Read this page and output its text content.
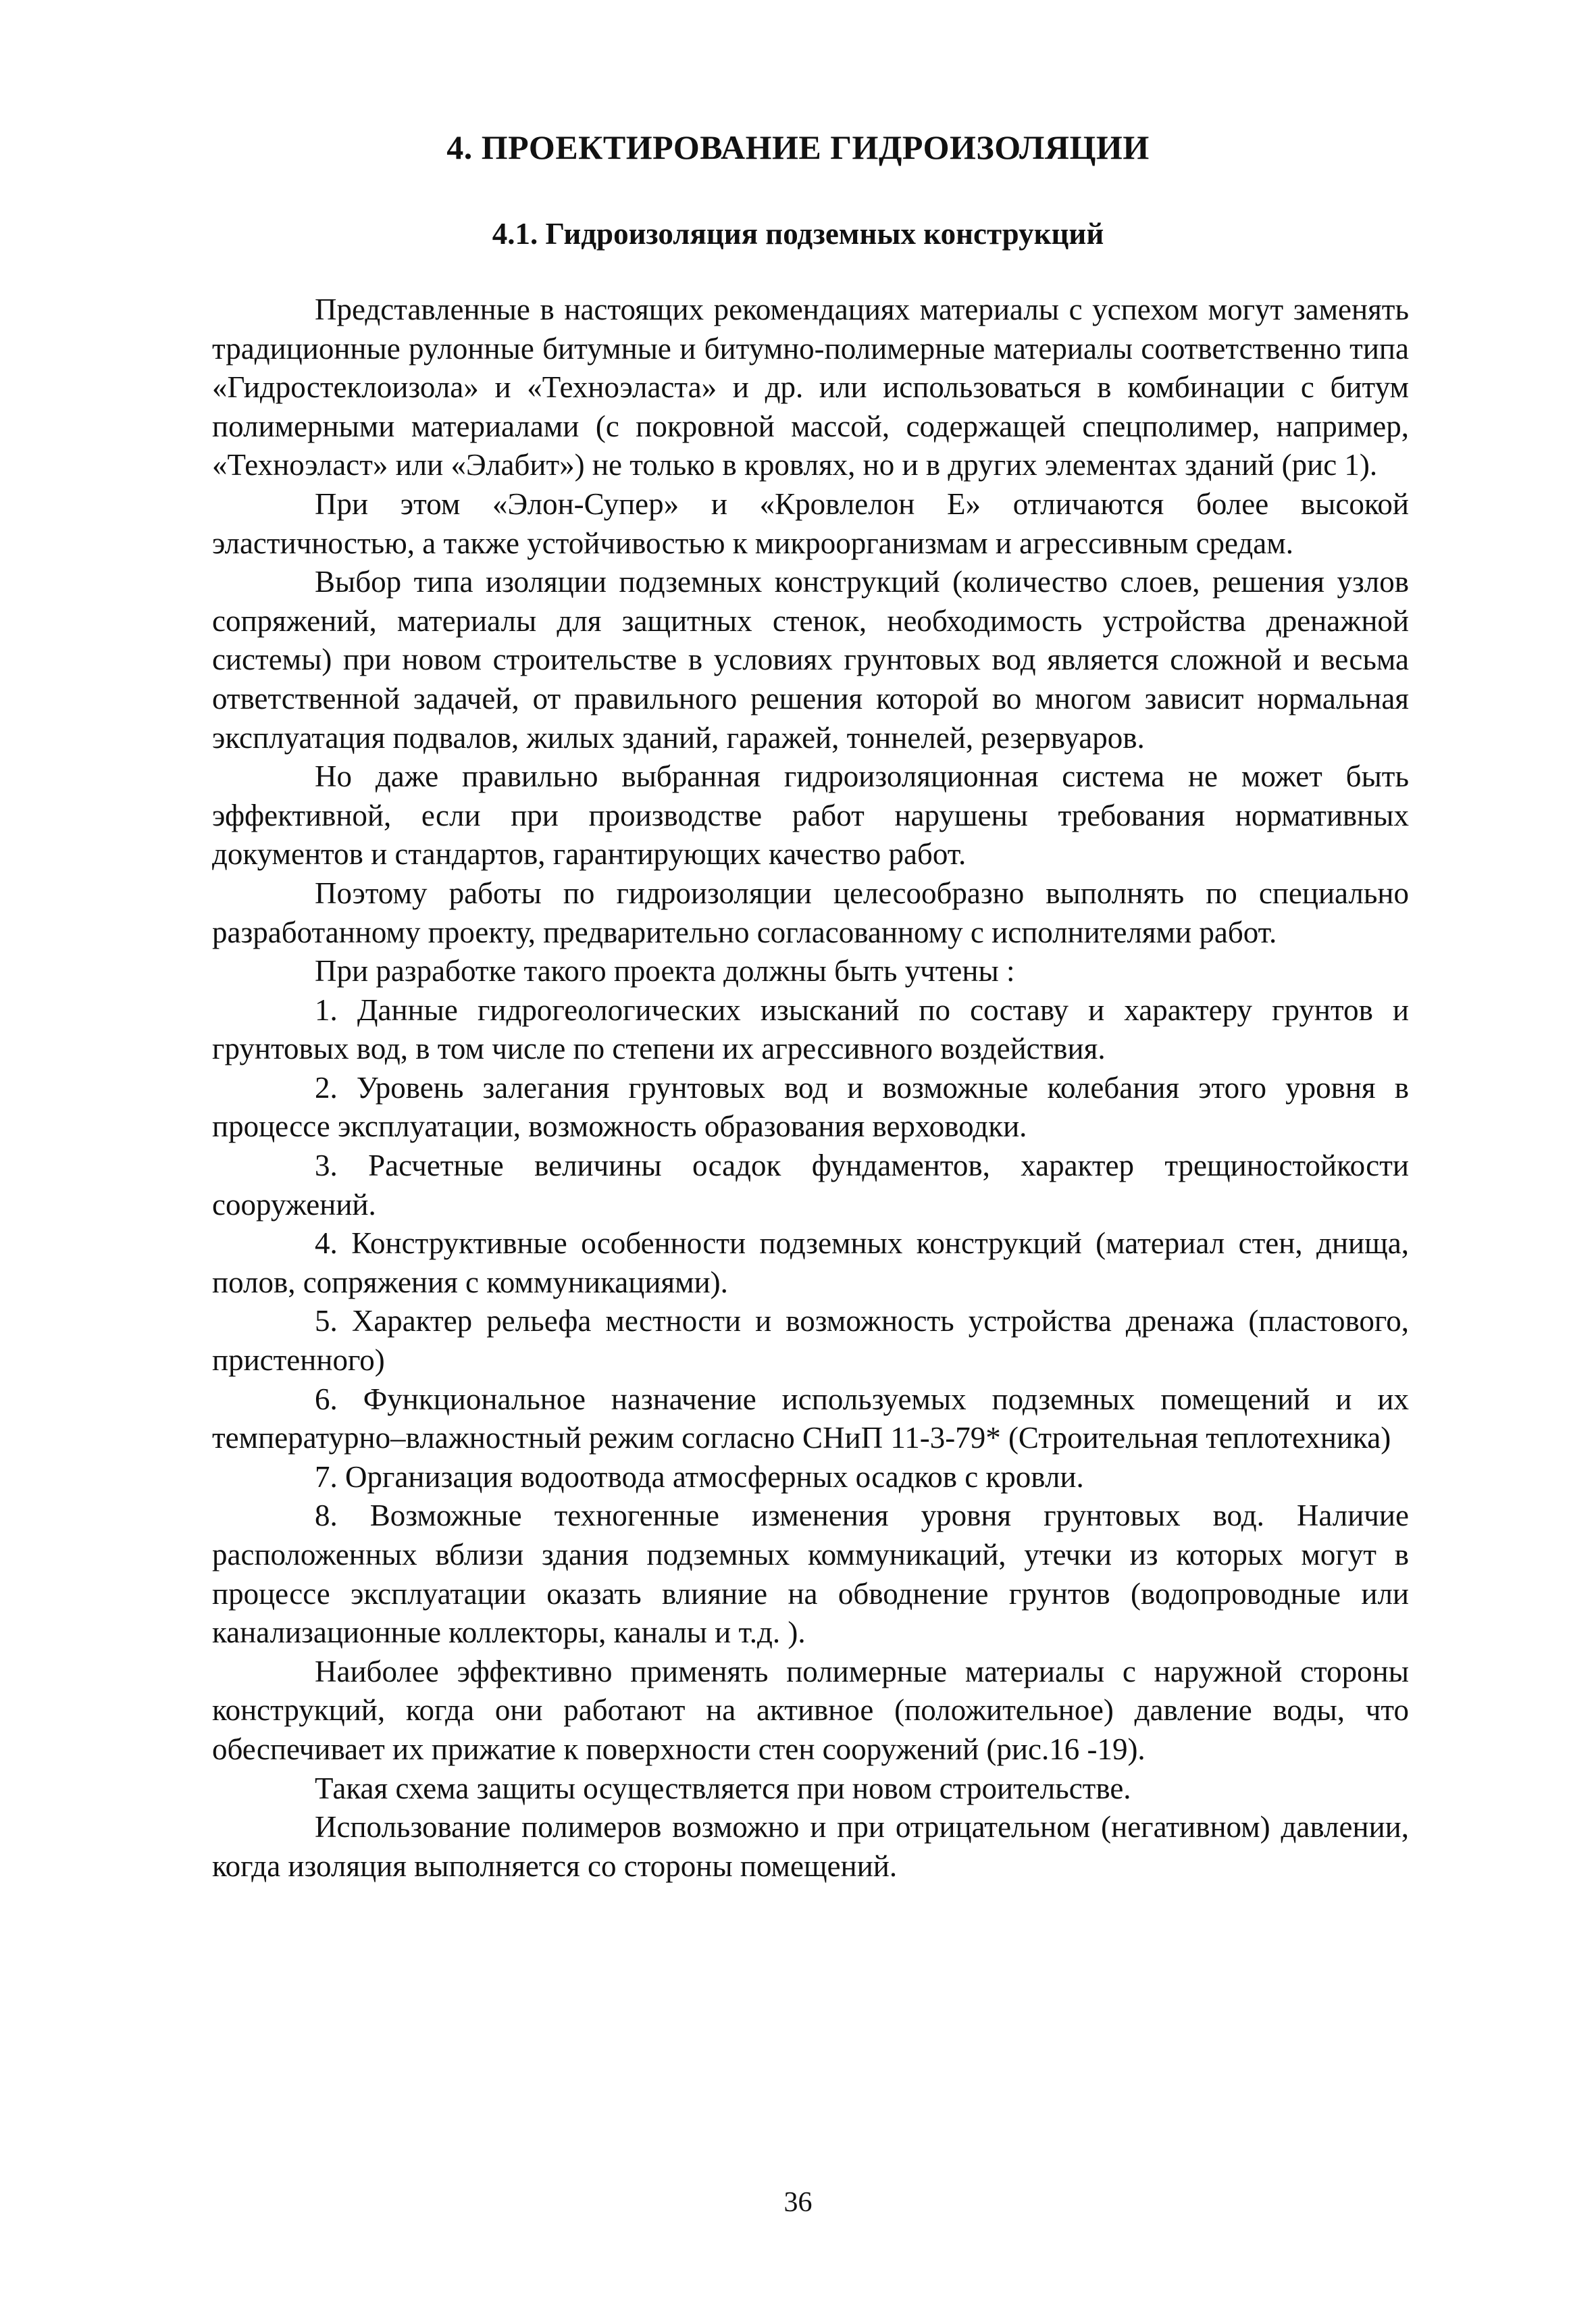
4. ПРОЕКТИРОВАНИЕ ГИДРОИЗОЛЯЦИИ
4.1. Гидроизоляция подземных конструкций

Представленные в настоящих рекомендациях материалы с успехом могут заменять традиционные рулонные битумные и битумно-полимерные материалы соответственно типа «Гидростеклоизола» и «Техноэласта» и др. или использоваться в комбинации с битум полимерными материалами (с покровной массой, содержащей спецполимер, например, «Техноэласт» или «Элабит») не только в кровлях, но и в других элементах зданий (рис 1).

При этом «Элон-Супер» и «Кровлелон Е» отличаются более высокой эластичностью, а также устойчивостью к микроорганизмам и агрессивным средам.

Выбор типа изоляции подземных конструкций (количество слоев, решения узлов сопряжений, материалы для защитных стенок, необходимость устройства дренажной системы) при новом строительстве в условиях грунтовых вод является сложной и весьма ответственной задачей, от правильного решения которой во многом зависит нормальная эксплуатация подвалов, жилых зданий, гаражей, тоннелей, резервуаров.

Но даже правильно выбранная гидроизоляционная система не может быть эффективной, если при производстве работ нарушены требования нормативных документов и стандартов, гарантирующих качество работ.

Поэтому работы по гидроизоляции целесообразно выполнять по специально разработанному проекту, предварительно согласованному с исполнителями работ.

При разработке такого проекта должны быть учтены :

1. Данные гидрогеологических изысканий по составу и характеру грунтов и грунтовых вод, в том числе по степени их агрессивного воздействия.

2. Уровень залегания грунтовых вод и возможные колебания этого уровня в процессе эксплуатации, возможность образования верховодки.

3. Расчетные величины осадок фундаментов, характер трещиностойкости сооружений.

4. Конструктивные особенности подземных конструкций (материал стен, днища, полов, сопряжения с коммуникациями).

5. Характер рельефа местности и возможность устройства дренажа (пластового, пристенного)

6. Функциональное назначение используемых подземных помещений и их температурно–влажностный режим согласно СНиП 11-3-79* (Строительная теплотехника)

7. Организация водоотвода атмосферных осадков с кровли.

8. Возможные техногенные изменения уровня грунтовых вод. Наличие расположенных вблизи здания подземных коммуникаций, утечки из которых могут в процессе эксплуатации оказать влияние на обводнение грунтов (водопроводные или канализационные коллекторы, каналы и т.д. ).

Наиболее эффективно применять полимерные материалы с наружной стороны конструкций, когда они работают на активное (положительное) давление воды, что обеспечивает их прижатие к поверхности стен сооружений (рис.16 -19).

Такая схема защиты осуществляется при новом строительстве.

Использование полимеров возможно и при отрицательном (негативном) давлении, когда изоляция выполняется со стороны помещений.

36
